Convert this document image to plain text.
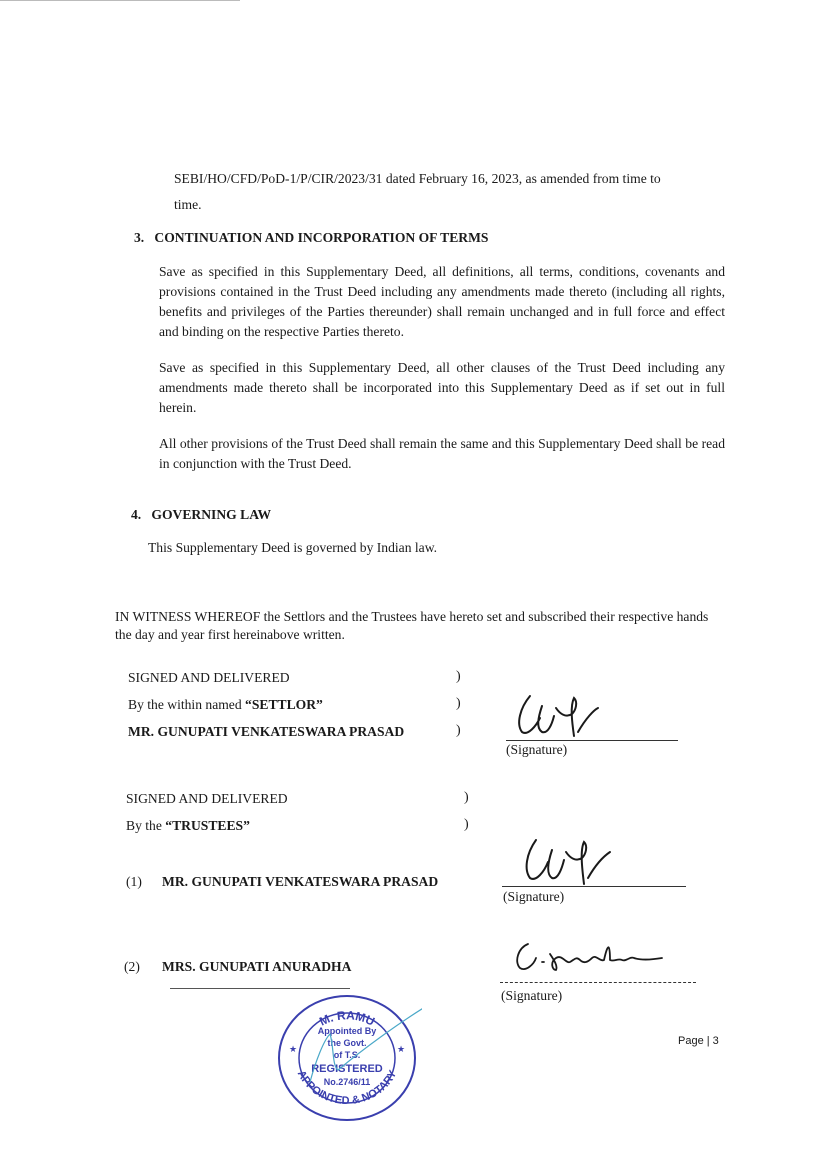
SEBI/HO/CFD/PoD-1/P/CIR/2023/31 dated February 16, 2023, as amended from time to

time.

3.   CONTINUATION AND INCORPORATION OF TERMS

Save as specified in this Supplementary Deed, all definitions, all terms, conditions, covenants and provisions contained in the Trust Deed including any amendments made thereto (including all rights, benefits and privileges of the Parties thereunder) shall remain unchanged and in full force and effect and binding on the respective Parties thereto.

Save as specified in this Supplementary Deed, all other clauses of the Trust Deed including any amendments made thereto shall be incorporated into this Supplementary Deed as if set out in full herein.

All other provisions of the Trust Deed shall remain the same and this Supplementary Deed shall be read in conjunction with the Trust Deed.

4.   GOVERNING LAW

This Supplementary Deed is governed by Indian law.

IN WITNESS WHEREOF the Settlors and the Trustees have hereto set and subscribed their respective hands the day and year first hereinabove written.

SIGNED AND DELIVERED
By the within named “SETTLOR”
MR. GUNUPATI VENKATESWARA PRASAD
)
)
)
(Signature)
SIGNED AND DELIVERED
By the “TRUSTEES”
)
)
(1) MR. GUNUPATI VENKATESWARA PRASAD
(Signature)
(2) MRS. GUNUPATI ANURADHA
(Signature)
M. RAMU
APPOINTED & NOTARY
Appointed By
the Govt.
of T.S.
REGISTERED
No.2746/11
★	★
Page | 3
